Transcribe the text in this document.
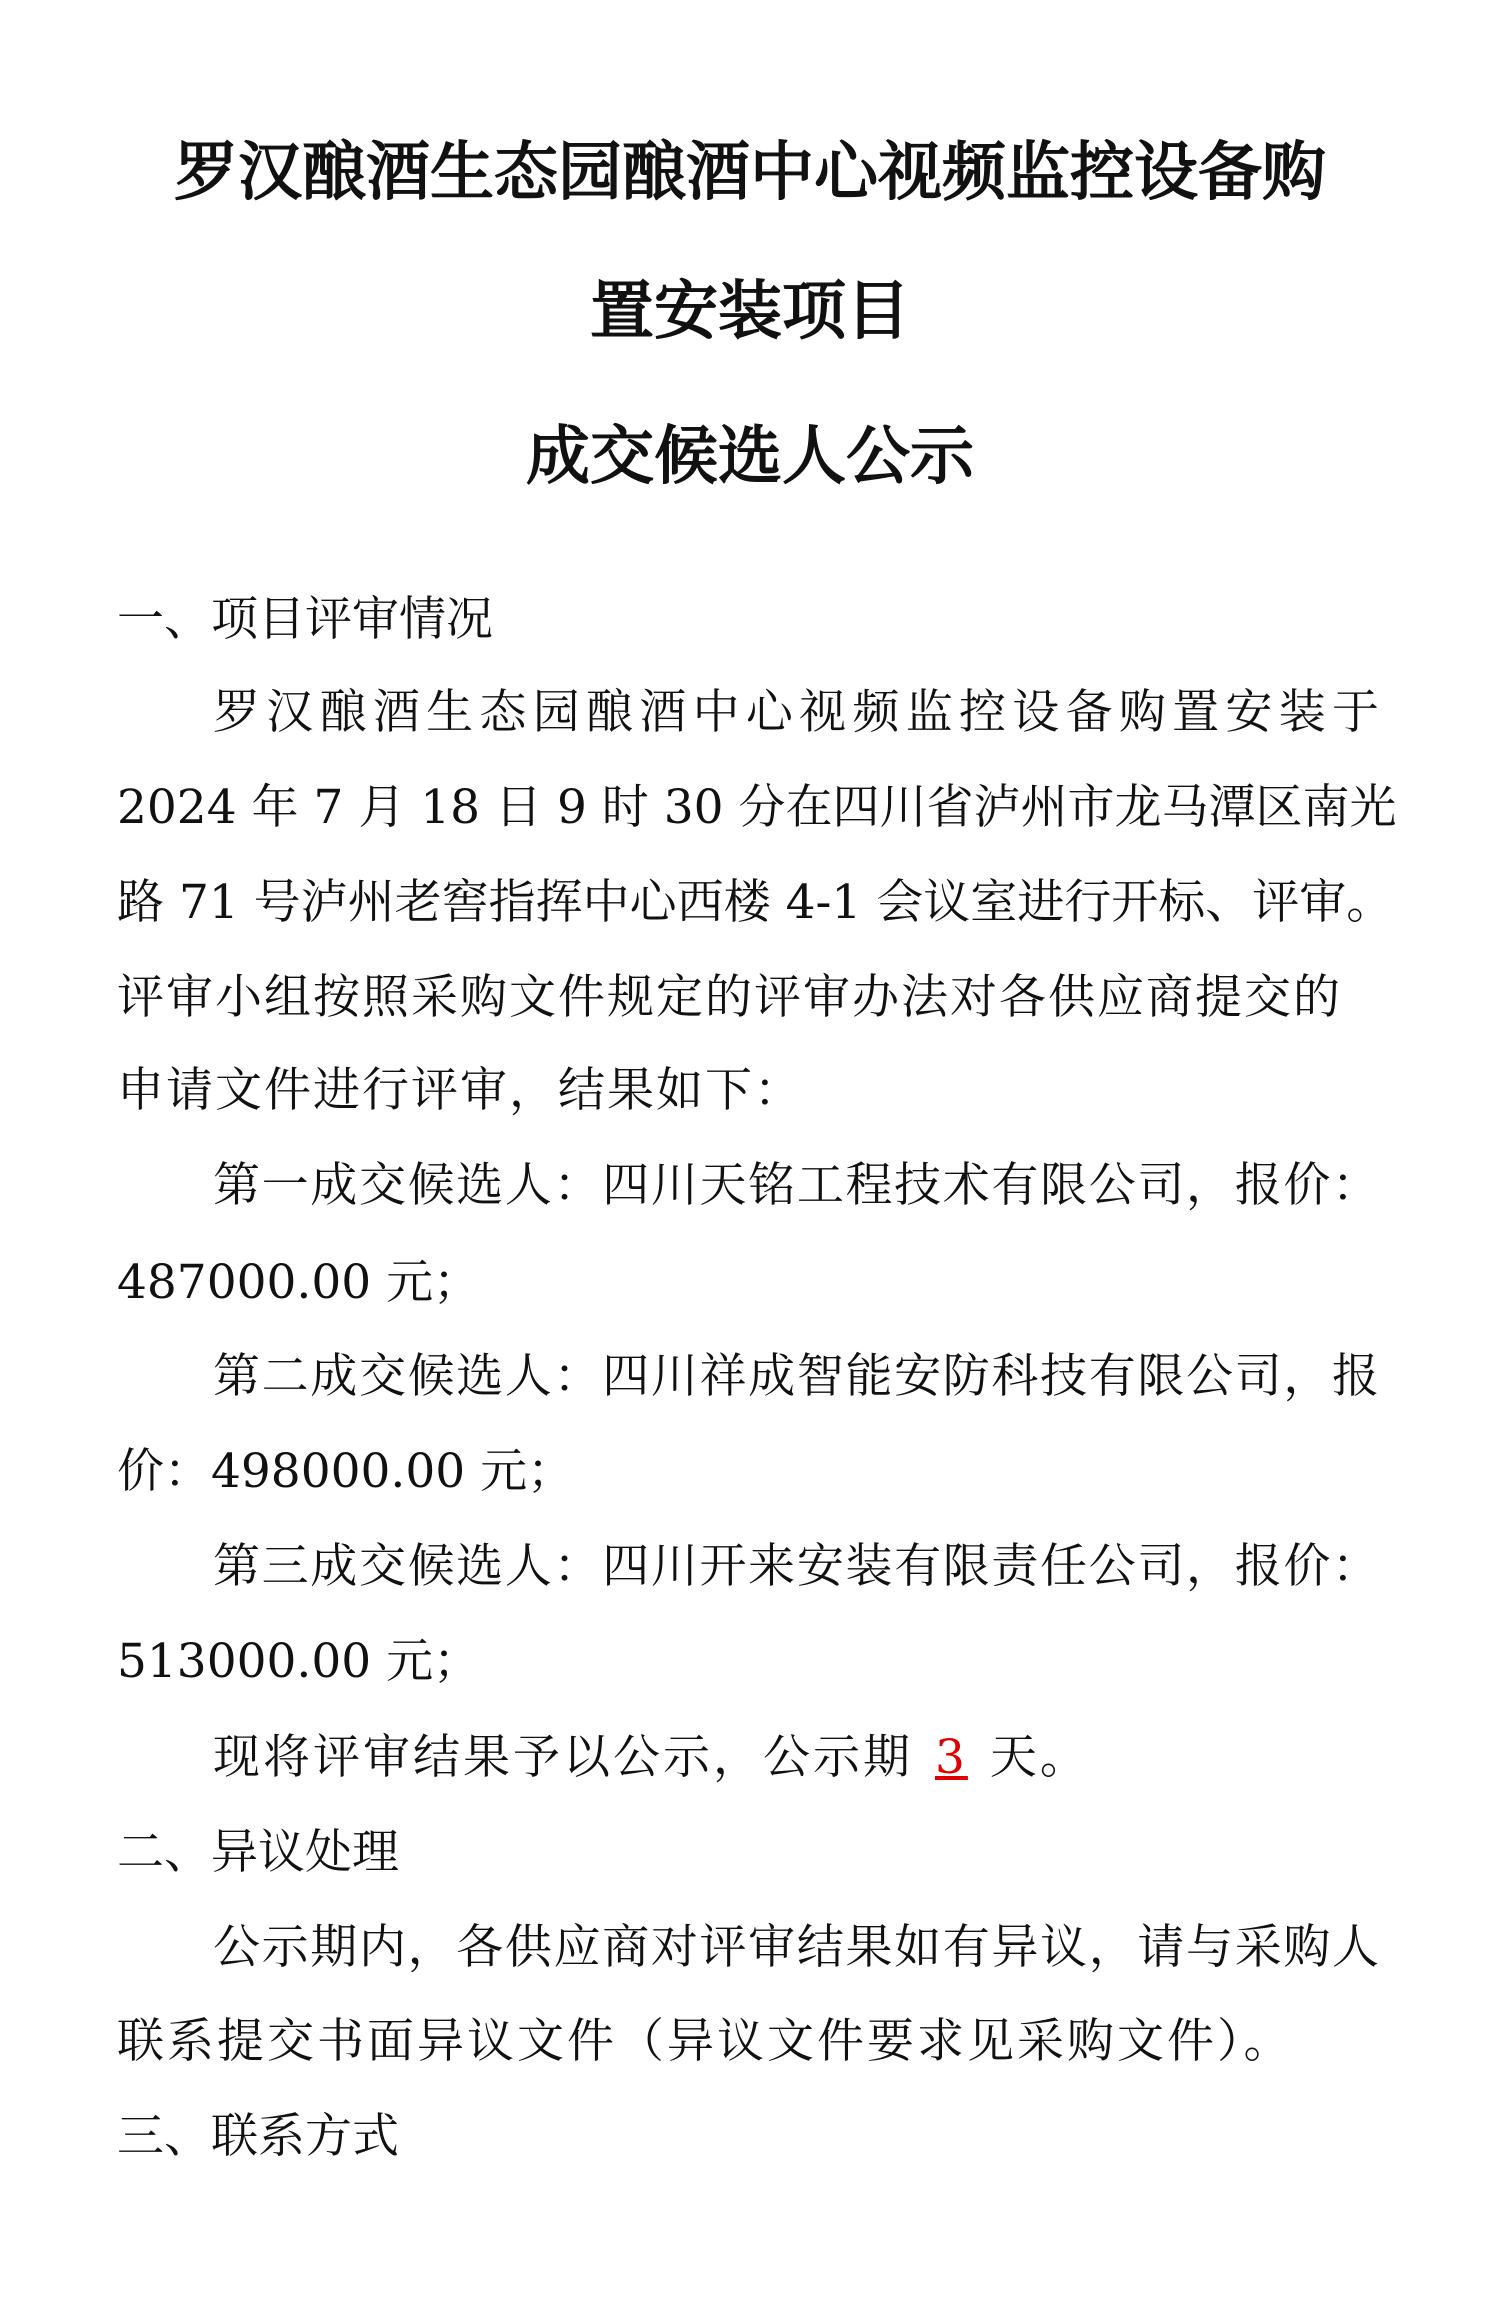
罗汉酿酒生态园酿酒中心视频监控设备购
置安装项目
成交候选人公示
一、项目评审情况
罗汉酿酒生态园酿酒中心视频监控设备购置安装于
2024 年 7 月 18 日 9 时 30 分在四川省泸州市龙马潭区南光
路 71 号泸州老窖指挥中心西楼 4-1 会议室进行开标、评审。
评审小组按照采购文件规定的评审办法对各供应商提交的
申请文件进行评审，结果如下：
第一成交候选人：四川天铭工程技术有限公司，报价：
487000.00 元；
第二成交候选人：四川祥成智能安防科技有限公司，报
价：498000.00 元；
第三成交候选人：四川开来安装有限责任公司，报价：
513000.00 元；
现将评审结果予以公示，公示期 3 天。
二、异议处理
公示期内，各供应商对评审结果如有异议，请与采购人
联系提交书面异议文件（异议文件要求见采购文件）。
三、联系方式
